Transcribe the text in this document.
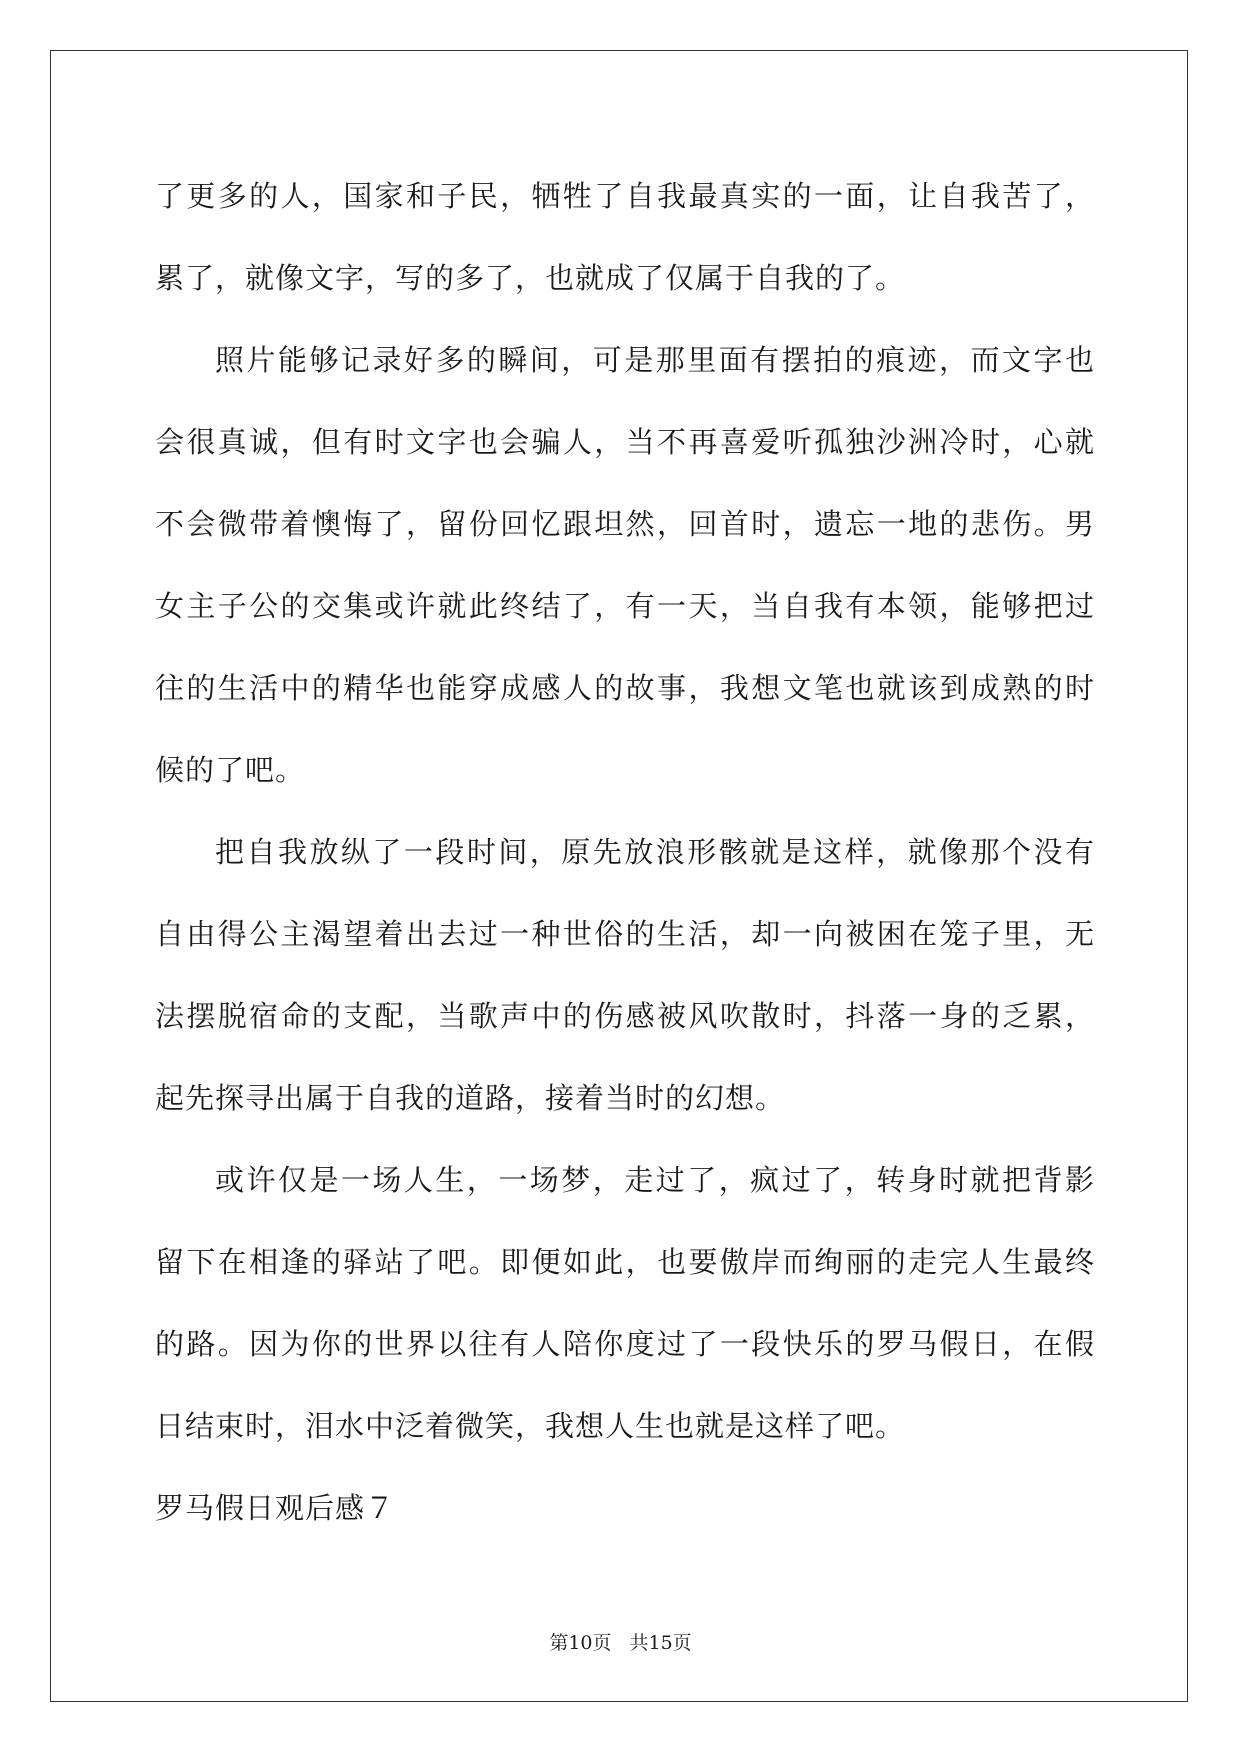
了更多的人，国家和子民，牺牲了自我最真实的一面，让自我苦了，
累了，就像文字，写的多了，也就成了仅属于自我的了。
照片能够记录好多的瞬间，可是那里面有摆拍的痕迹，而文字也
会很真诚，但有时文字也会骗人，当不再喜爱听孤独沙洲冷时，心就
不会微带着懊悔了，留份回忆跟坦然，回首时，遗忘一地的悲伤。男
女主子公的交集或许就此终结了，有一天，当自我有本领，能够把过
往的生活中的精华也能穿成感人的故事，我想文笔也就该到成熟的时
候的了吧。
把自我放纵了一段时间，原先放浪形骸就是这样，就像那个没有
自由得公主渴望着出去过一种世俗的生活，却一向被困在笼子里，无
法摆脱宿命的支配，当歌声中的伤感被风吹散时，抖落一身的乏累，
起先探寻出属于自我的道路，接着当时的幻想。
或许仅是一场人生，一场梦，走过了，疯过了，转身时就把背影
留下在相逢的驿站了吧。即便如此，也要傲岸而绚丽的走完人生最终
的路。因为你的世界以往有人陪你度过了一段快乐的罗马假日，在假
日结束时，泪水中泛着微笑，我想人生也就是这样了吧。
罗马假日观后感７
第10页 共15页
